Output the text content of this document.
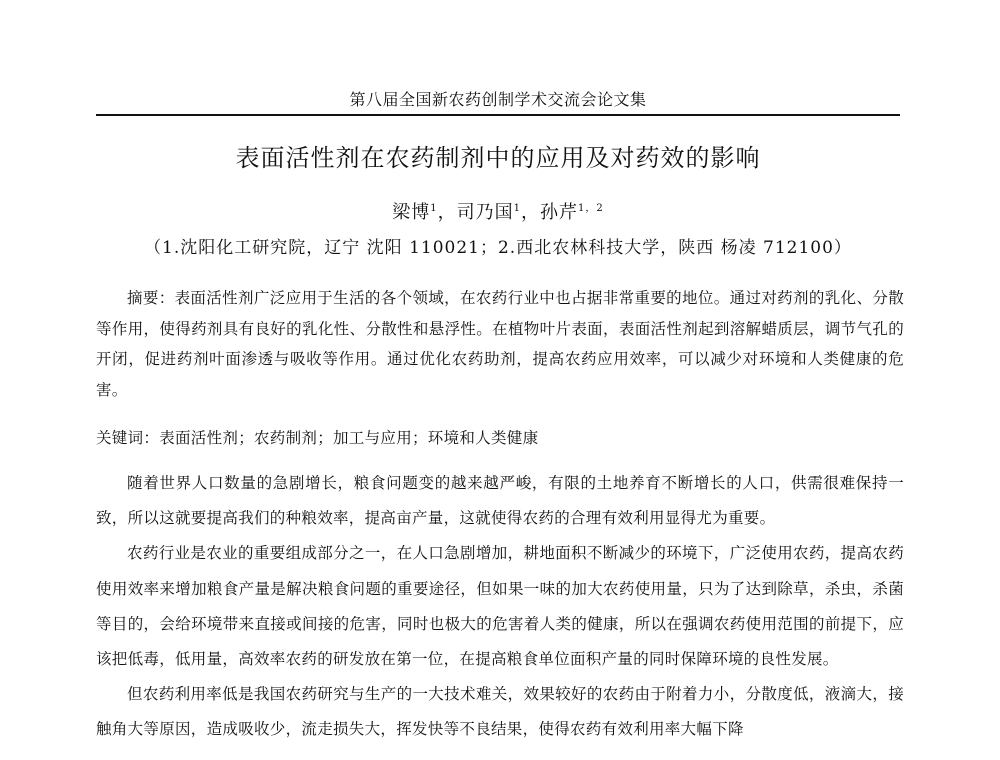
第八届全国新农药创制学术交流会论文集
表面活性剂在农药制剂中的应用及对药效的影响
梁博$^1$，司乃国$^1$，孙芹$^{1,2}$
（1.沈阳化工研究院，辽宁 沈阳 110021；2.西北农林科技大学，陕西 杨凌 712100）

摘要：表面活性剂广泛应用于生活的各个领域，在农药行业中也占据非常重要的地位。通过对药剂的乳化、分散等作用，使得药剂具有良好的乳化性、分散性和悬浮性。在植物叶片表面，表面活性剂起到溶解蜡质层，调节气孔的开闭，促进药剂叶面渗透与吸收等作用。通过优化农药助剂，提高农药应用效率，可以减少对环境和人类健康的危害。

关键词：表面活性剂；农药制剂；加工与应用；环境和人类健康

随着世界人口数量的急剧增长，粮食问题变的越来越严峻，有限的土地养育不断增长的人口，供需很难保持一致，所以这就要提高我们的种粮效率，提高亩产量，这就使得农药的合理有效利用显得尤为重要。

农药行业是农业的重要组成部分之一，在人口急剧增加，耕地面积不断减少的环境下，广泛使用农药，提高农药使用效率来增加粮食产量是解决粮食问题的重要途径，但如果一味的加大农药使用量，只为了达到除草，杀虫，杀菌等目的，会给环境带来直接或间接的危害，同时也极大的危害着人类的健康，所以在强调农药使用范围的前提下，应该把低毒，低用量，高效率农药的研发放在第一位，在提高粮食单位面积产量的同时保障环境的良性发展。

但农药利用率低是我国农药研究与生产的一大技术难关，效果较好的农药由于附着力小，分散度低，液滴大，接触角大等原因，造成吸收少，流走损失大，挥发快等不良结果，使得农药有效利用率大幅下降
